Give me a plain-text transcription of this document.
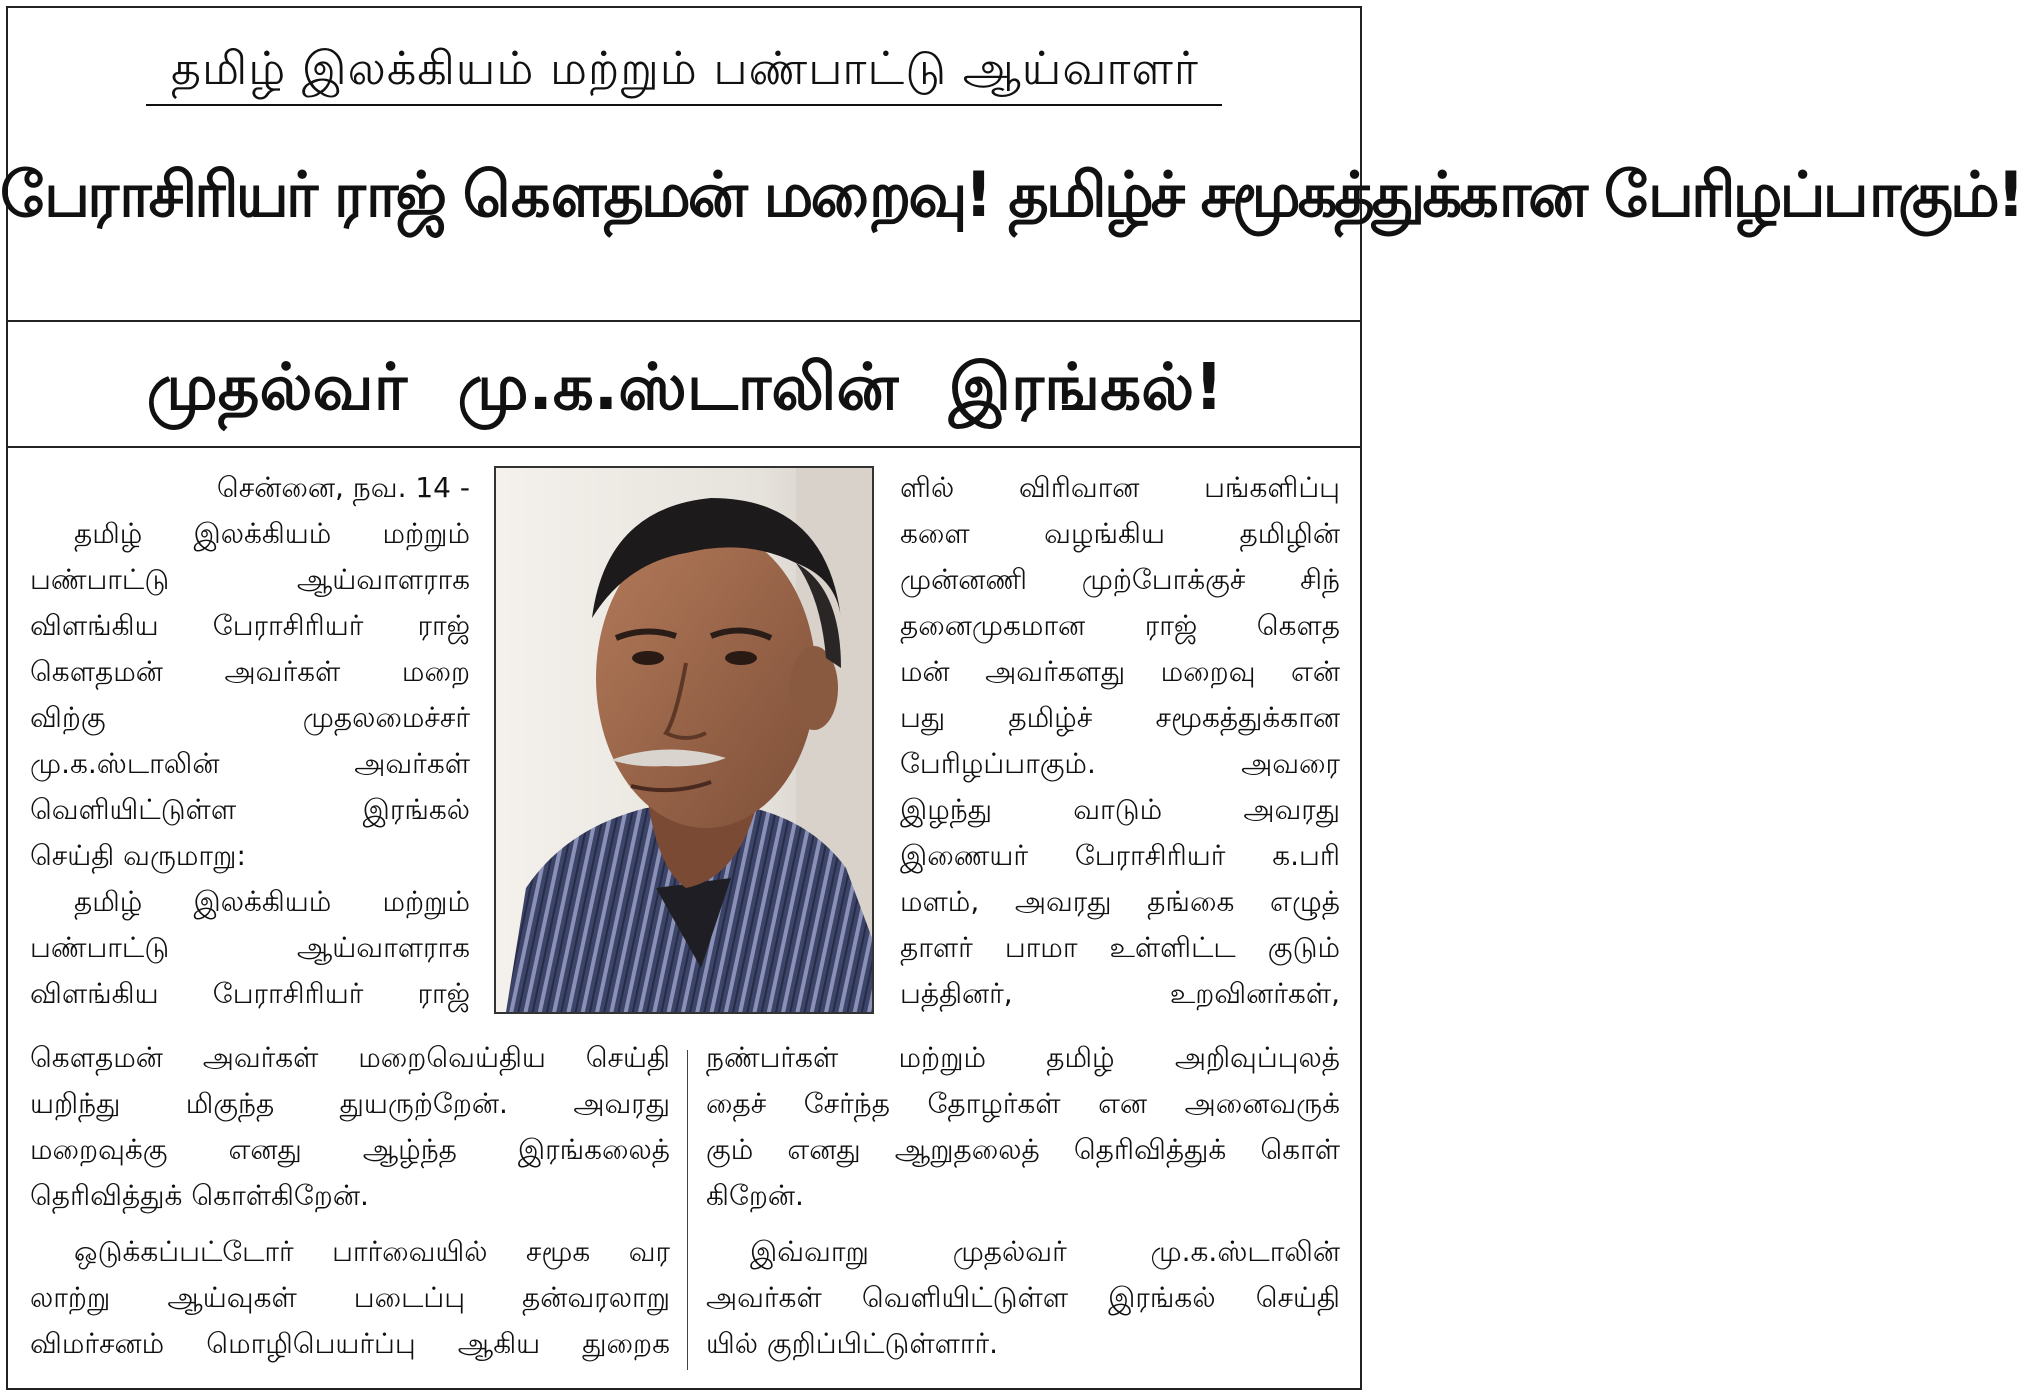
தமிழ் இலக்கியம் மற்றும் பண்பாட்டு ஆய்வாளர்
பேராசிரியர் ராஜ் கௌதமன் மறைவு! தமிழ்ச் சமூகத்துக்கான பேரிழப்பாகும்!
முதல்வர் மு.க.ஸ்டாலின் இரங்கல்!
சென்னை, நவ. 14 -
தமிழ் இலக்கியம் மற்றும்
பண்பாட்டு ஆய்வாளராக
விளங்கிய பேராசிரியர் ராஜ்
கௌதமன் அவர்கள் மறை
விற்கு முதலமைச்சர்
மு.க.ஸ்டாலின் அவர்கள்
வெளியிட்டுள்ள இரங்கல்
செய்தி வருமாறு:
தமிழ் இலக்கியம் மற்றும்
பண்பாட்டு ஆய்வாளராக
விளங்கிய பேராசிரியர் ராஜ்
ளில் விரிவான பங்களிப்பு
களை வழங்கிய தமிழின்
முன்னணி முற்போக்குச் சிந்
தனைமுகமான ராஜ் கௌத
மன் அவர்களது மறைவு என்
பது தமிழ்ச் சமூகத்துக்கான
பேரிழப்பாகும். அவரை
இழந்து வாடும் அவரது
இணையர் பேராசிரியர் க.பரி
மளம், அவரது தங்கை எழுத்
தாளர் பாமா உள்ளிட்ட குடும்
பத்தினர், உறவினர்கள்,
கௌதமன் அவர்கள் மறைவெய்திய செய்தி
யறிந்து மிகுந்த துயருற்றேன். அவரது
மறைவுக்கு எனது ஆழ்ந்த இரங்கலைத்
தெரிவித்துக் கொள்கிறேன்.
ஒடுக்கப்பட்டோர் பார்வையில் சமூக வர
லாற்று ஆய்வுகள் படைப்பு தன்வரலாறு
விமர்சனம் மொழிபெயர்ப்பு ஆகிய துறைக
நண்பர்கள் மற்றும் தமிழ் அறிவுப்புலத்
தைச் சேர்ந்த தோழர்கள் என அனைவருக்
கும் எனது ஆறுதலைத் தெரிவித்துக் கொள்
கிறேன்.
இவ்வாறு முதல்வர் மு.க.ஸ்டாலின்
அவர்கள் வெளியிட்டுள்ள இரங்கல் செய்தி
யில் குறிப்பிட்டுள்ளார்.
